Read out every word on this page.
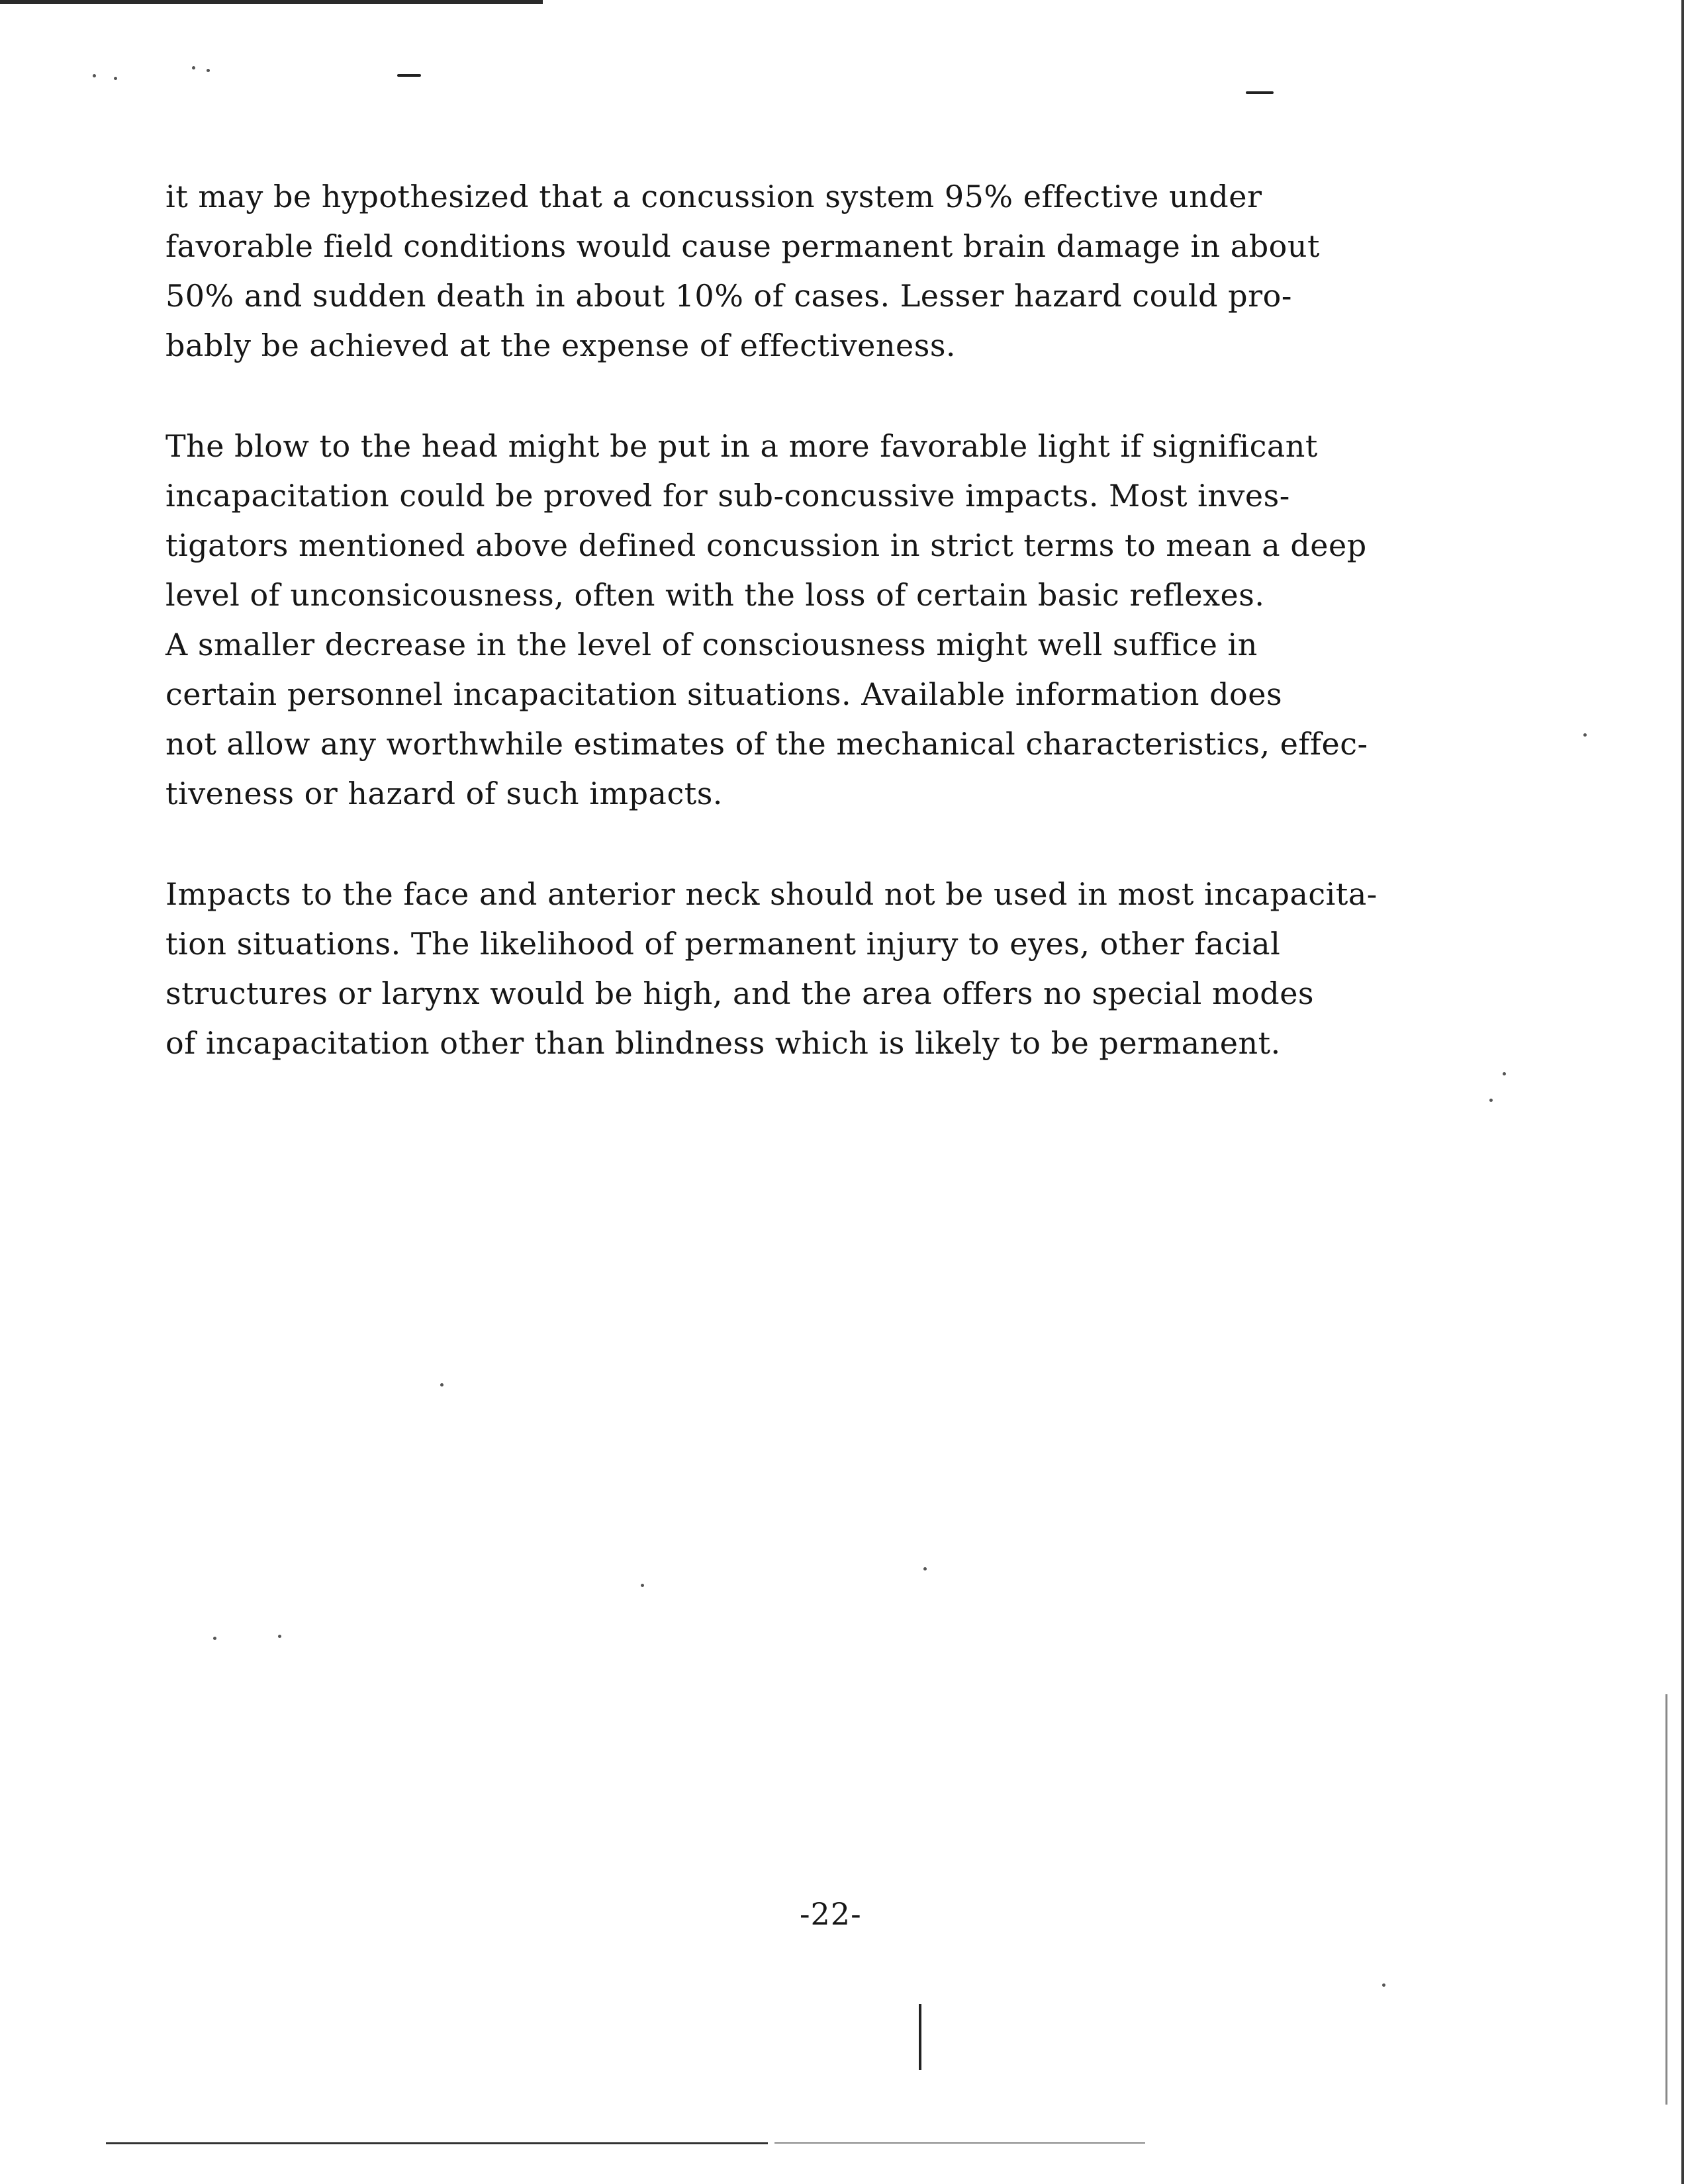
it may be hypothesized that a concussion system 95% effective under
favorable field conditions would cause permanent brain damage in about
50% and sudden death in about 10% of cases. Lesser hazard could pro-
bably be achieved at the expense of effectiveness.
The blow to the head might be put in a more favorable light if significant
incapacitation could be proved for sub-concussive impacts. Most inves-
tigators mentioned above defined concussion in strict terms to mean a deep
level of unconsicousness, often with the loss of certain basic reflexes.
A smaller decrease in the level of consciousness might well suffice in
certain personnel incapacitation situations. Available information does
not allow any worthwhile estimates of the mechanical characteristics, effec-
tiveness or hazard of such impacts.
Impacts to the face and anterior neck should not be used in most incapacita-
tion situations. The likelihood of permanent injury to eyes, other facial
structures or larynx would be high, and the area offers no special modes
of incapacitation other than blindness which is likely to be permanent.
-22-
